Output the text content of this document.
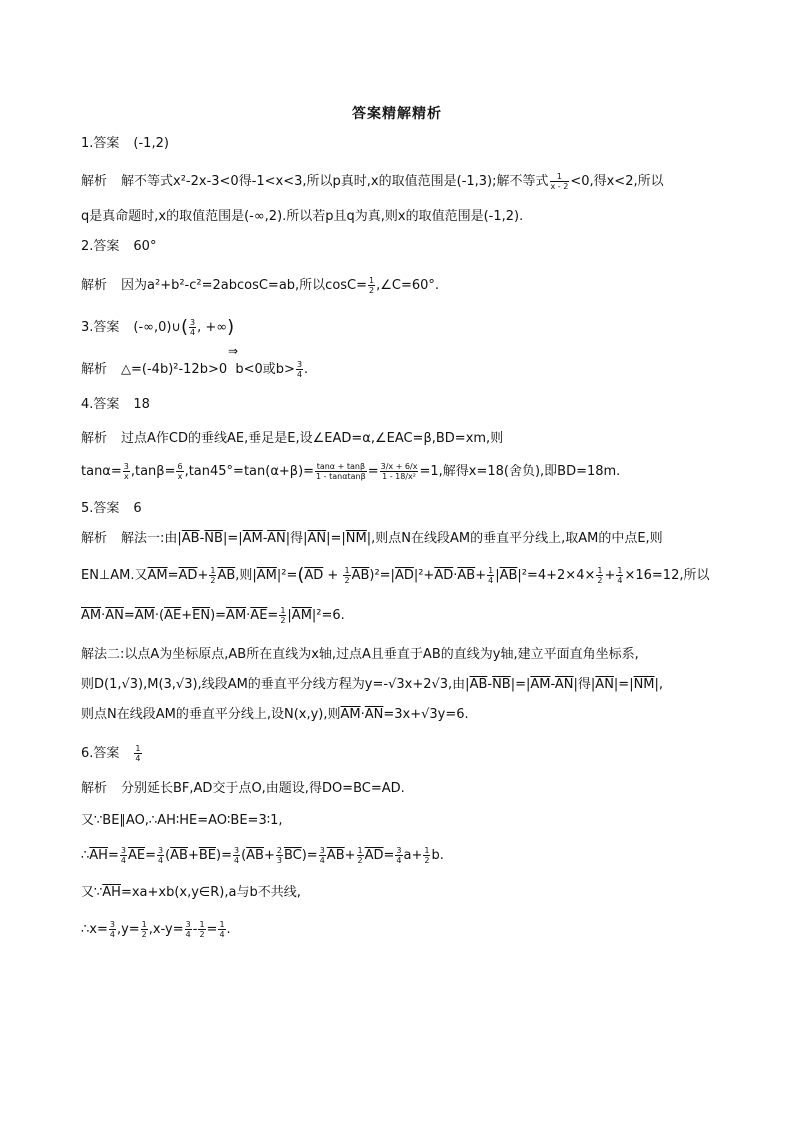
答案精解精析
1.答案 (-1,2)
解析 解不等式x²-2x-3<0得-1<x<3,所以p真时,x的取值范围是(-1,3);解不等式 $\frac{1}{x - 2} <0$,得x<2,所以
q是真命题时,x的取值范围是(-∞,2).所以若p且q为真,则x的取值范围是(-1,2).
2.答案 60°
解析 因为a²+b²-c²=2abcosC=ab,所以$\cos C= \frac{1}{2}$ ,∠C=60°.
3.答案 (-∞,0)∪( $\frac{3}{4}$ , +∞)
⇒
解析 △=(-4b)²-12b>0 b<0或$b> \frac{3}{4}$ .
4.答案 18
解析 过点A作CD的垂线AE,垂足是E,设∠EAD=α,∠EAC=β,BD=xm,则
$\tan\alpha= \frac{3}{x} ,\tan\beta= \frac{6}{x} ,\tan 45^\circ=\tan(\alpha+\beta)= \frac{\tan\alpha + \tan\beta}{1 - \tan\alpha\tan\beta} = \frac{3/x + 6/x}{\text{1 - 18/x²}} =1$,解得x=18(舍负),即BD=18m.
5.答案 6
解析 解法一:由$|\overline{AB}-\overline{NB}|=|\overline{AM}-\overline{AN}|$得$|\overline{AN}|=|\overline{NM}|$,则点N在线段AM的垂直平分线上,取AM的中点E,则
EN⊥AM.又$\overline{AM}=\overline{AD}+ \frac{1}{2} \overline{AB}$,则$|\overline{AM}|^2=(\overline{AD} + \frac{1}{2} \overline{AB})^2=|\overline{AD}|^2+\overline{AD}\cdot\overline{AB}+ \frac{1}{4} |\overline{AB}|^2=4+2\times 4\times \frac{1}{2} + \frac{1}{4} \times 16=12$,所以
$\overline{AM}\cdot\overline{AN}=\overline{AM}\cdot(\overline{AE}+\overline{EN})=\overline{AM}\cdot\overline{AE}= \frac{1}{2} |\overline{AM}|^2=6$.
解法二:以点A为坐标原点,AB所在直线为x轴,过点A且垂直于AB的直线为y轴,建立平面直角坐标系,
则D(1,√3),M(3,√3),线段AM的垂直平分线方程为y=-√3x+2√3,由$|\overline{AB}-\overline{NB}|=|\overline{AM}-\overline{AN}|$得$|\overline{AN}|=|\overline{NM}|$,
则点N在线段AM的垂直平分线上,设N(x,y),则$\overline{AM}\cdot\overline{AN}=3x+√3y=6$.
6.答案 $\frac{1}{4}$
解析 分别延长BF,AD交于点O,由题设,得DO=BC=AD.
又∵BE∥AO,∴AH∶HE=AO∶BE=3∶1,
$\therefore\overline{AH}= \frac{3}{4} \overline{AE}= \frac{3}{4} (\overline{AB}+\overline{BE})= \frac{3}{4} (\overline{AB}+ \frac{2}{3} \overline{BC})= \frac{3}{4} \overline{AB}+ \frac{1}{2} \overline{AD}= \frac{3}{4} a+ \frac{1}{2} b$.
又$\because\overline{AH}=xa+xb(x,y\in R),a$与b不共线,
∴x= $\frac{3}{4} ,y= \frac{1}{2} ,x-y= \frac{3}{4} - \frac{1}{2} = \frac{1}{4}$ .
